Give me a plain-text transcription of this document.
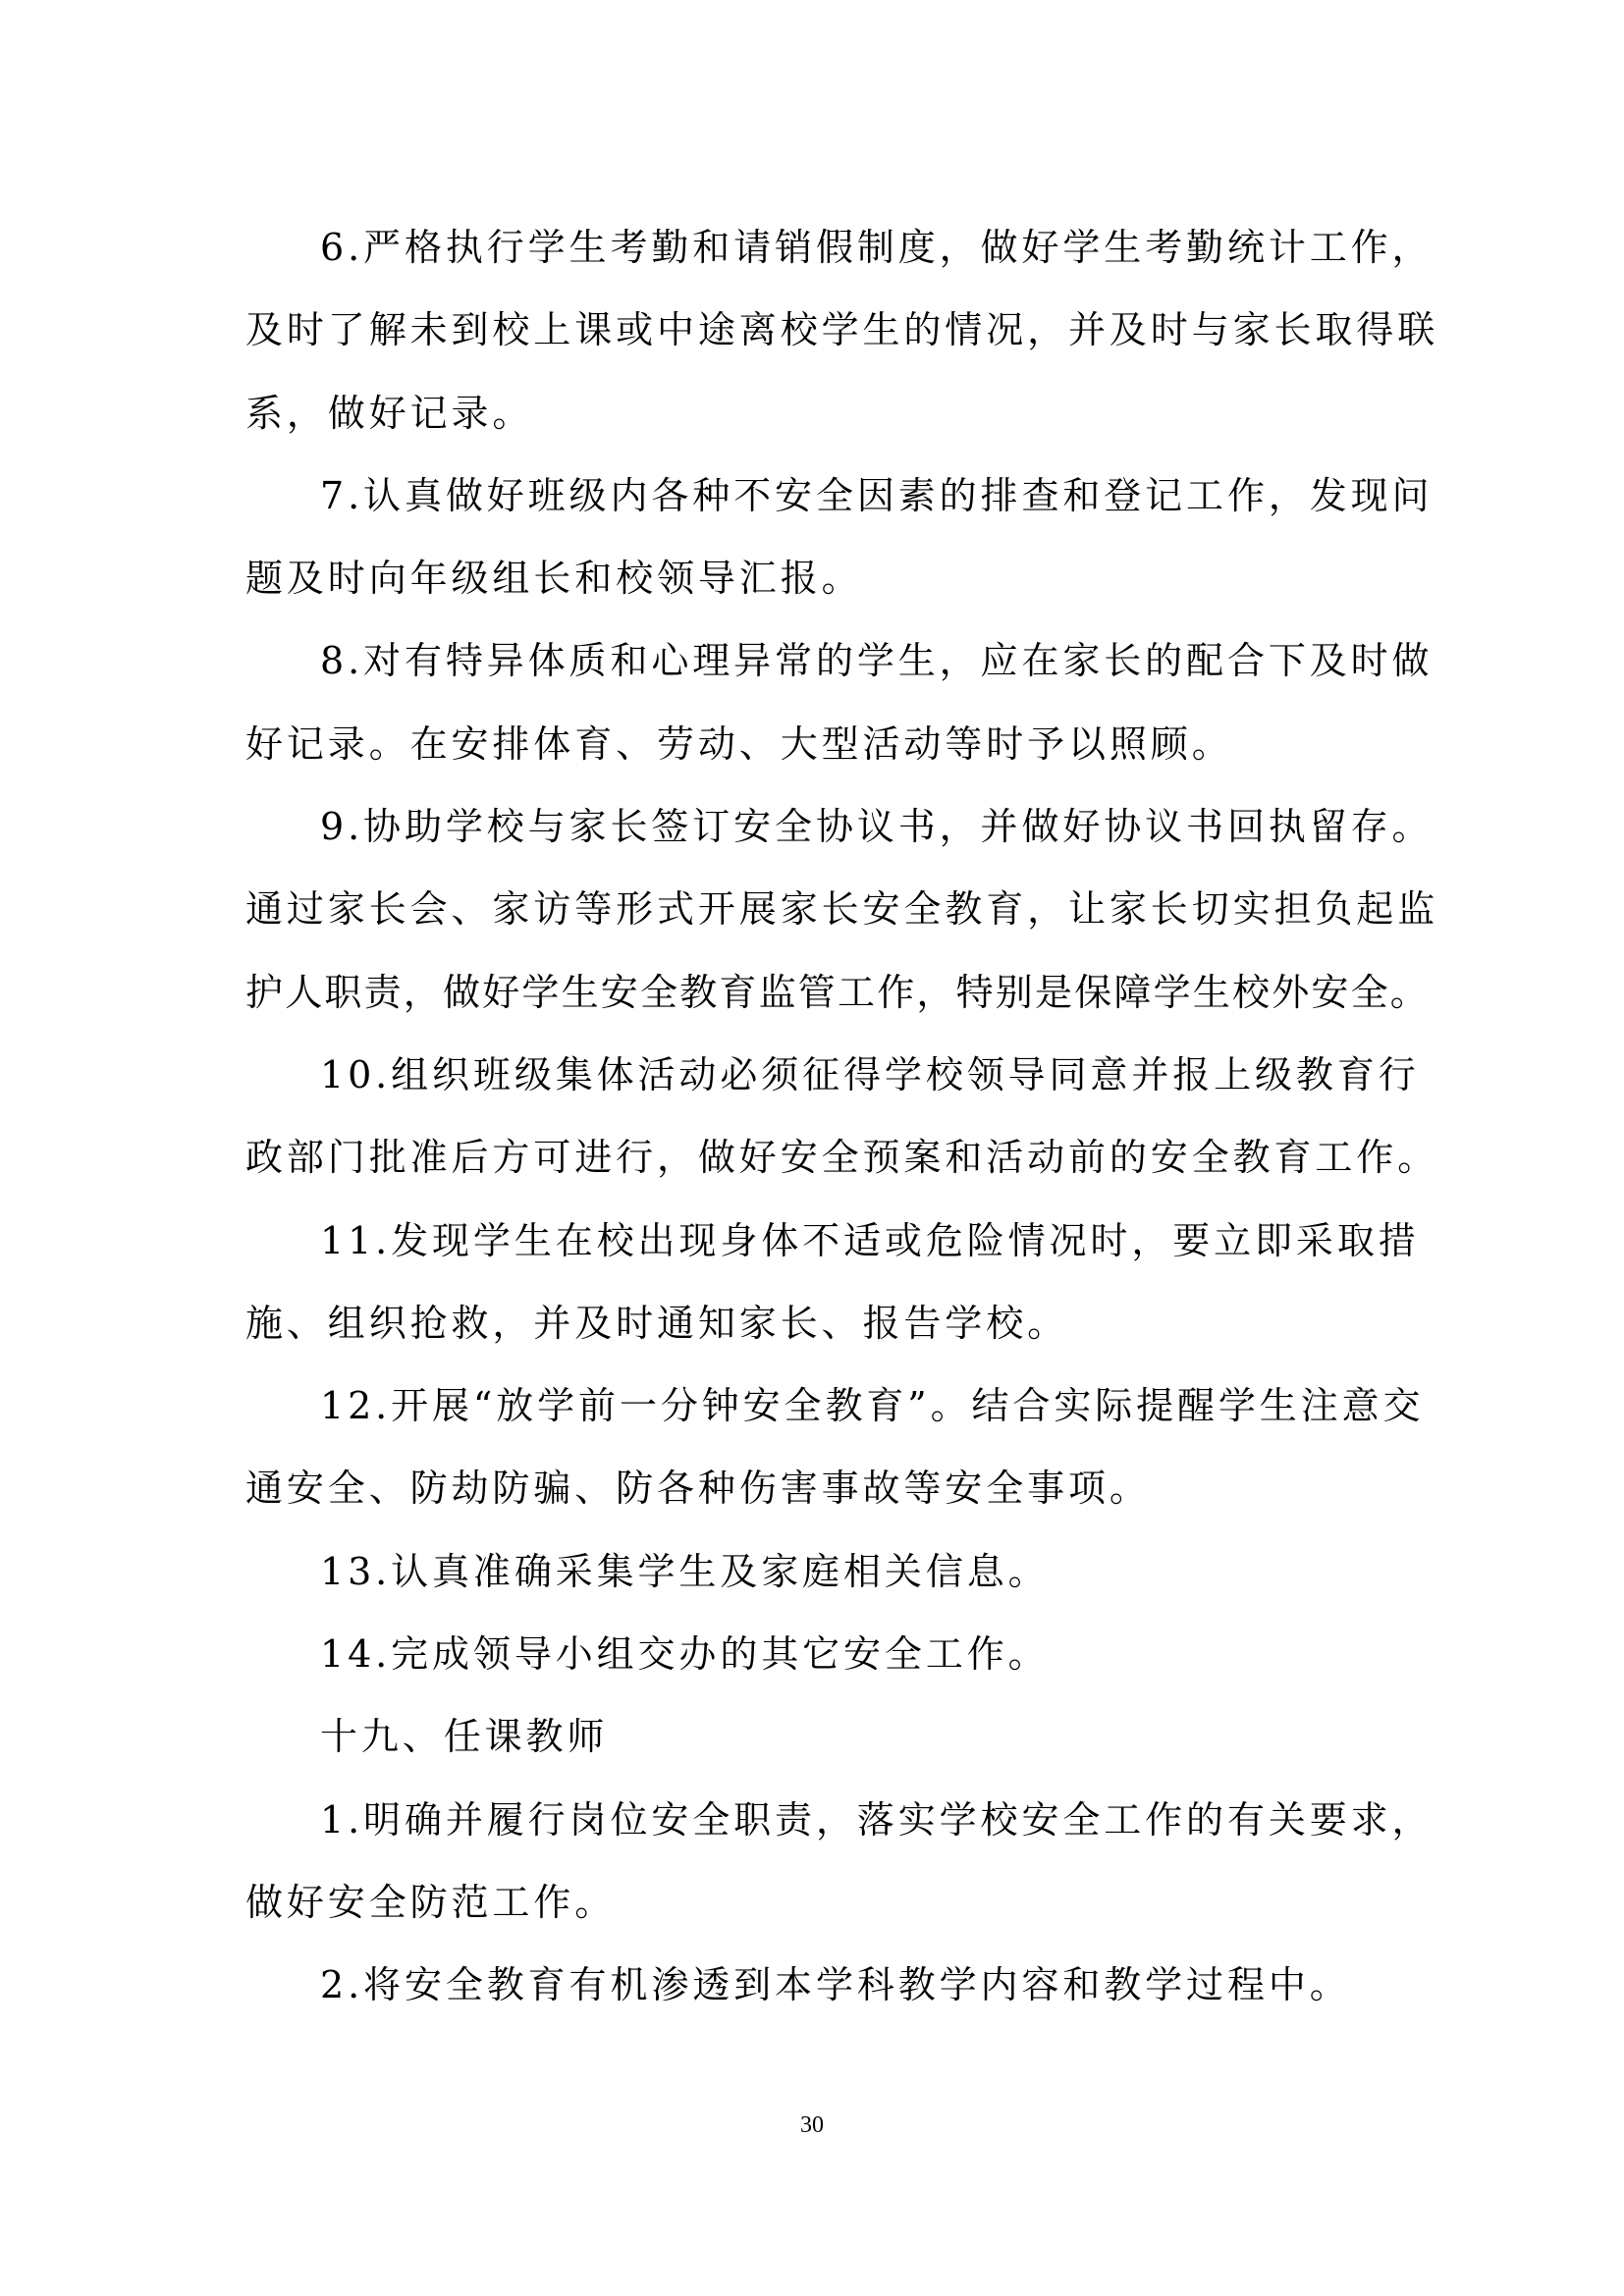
6.严格执行学生考勤和请销假制度，做好学生考勤统计工作，
及时了解未到校上课或中途离校学生的情况，并及时与家长取得联
系，做好记录。
7.认真做好班级内各种不安全因素的排查和登记工作，发现问
题及时向年级组长和校领导汇报。
8.对有特异体质和心理异常的学生，应在家长的配合下及时做
好记录。在安排体育、劳动、大型活动等时予以照顾。
9.协助学校与家长签订安全协议书，并做好协议书回执留存。
通过家长会、家访等形式开展家长安全教育，让家长切实担负起监
护人职责，做好学生安全教育监管工作，特别是保障学生校外安全。
10.组织班级集体活动必须征得学校领导同意并报上级教育行
政部门批准后方可进行，做好安全预案和活动前的安全教育工作。
11.发现学生在校出现身体不适或危险情况时，要立即采取措
施、组织抢救，并及时通知家长、报告学校。
12.开展“放学前一分钟安全教育”。结合实际提醒学生注意交
通安全、防劫防骗、防各种伤害事故等安全事项。
13.认真准确采集学生及家庭相关信息。
14.完成领导小组交办的其它安全工作。
十九、任课教师
1.明确并履行岗位安全职责，落实学校安全工作的有关要求，
做好安全防范工作。
2.将安全教育有机渗透到本学科教学内容和教学过程中。
30
